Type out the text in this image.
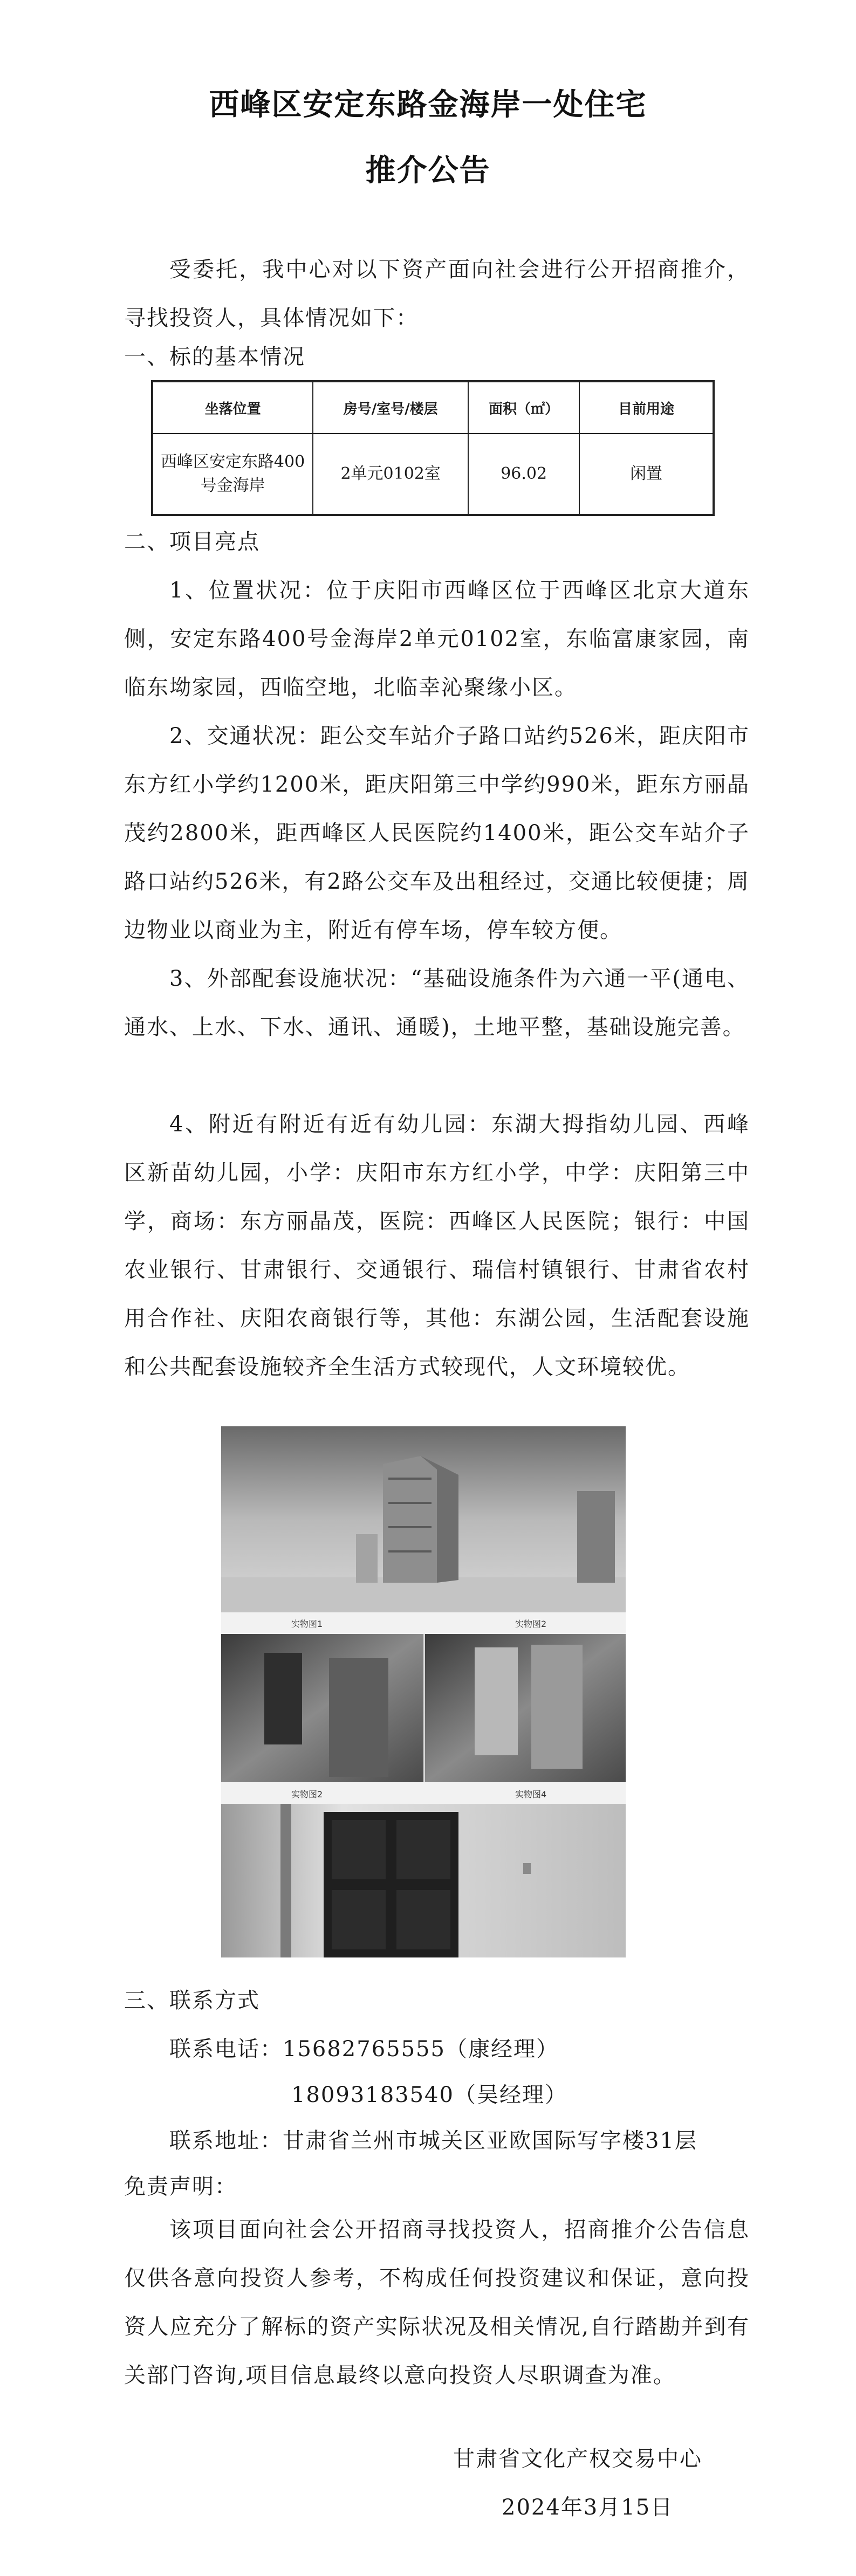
西峰区安定东路金海岸一处住宅
推介公告
受委托，我中心对以下资产面向社会进行公开招商推介，寻找投资人，具体情况如下：
一、标的基本情况
坐落位置	房号/室号/楼层	面积（㎡）	目前用途
西峰区安定东路400号金海岸	2单元0102室	96.02	闲置
二、项目亮点
1、位置状况：位于庆阳市西峰区位于西峰区北京大道东侧，安定东路400号金海岸2单元0102室，东临富康家园，南临东坳家园，西临空地，北临幸沁聚缘小区。
2、交通状况：距公交车站介子路口站约526米，距庆阳市东方红小学约1200米，距庆阳第三中学约990米，距东方丽晶茂约2800米，距西峰区人民医院约1400米，距公交车站介子路口站约526米，有2路公交车及出租经过，交通比较便捷；周边物业以商业为主，附近有停车场，停车较方便。
3、外部配套设施状况：“基础设施条件为六通一平(通电、通水、上水、下水、通讯、通暖)，土地平整，基础设施完善。
4、附近有附近有近有幼儿园：东湖大拇指幼儿园、西峰区新苗幼儿园，小学：庆阳市东方红小学，中学：庆阳第三中学，商场：东方丽晶茂，医院：西峰区人民医院；银行：中国农业银行、甘肃银行、交通银行、瑞信村镇银行、甘肃省农村用合作社、庆阳农商银行等，其他：东湖公园，生活配套设施和公共配套设施较齐全生活方式较现代，人文环境较优。
实物图1	实物图2
实物图2	实物图4
三、联系方式
联系电话：15682765555（康经理）
18093183540（吴经理）
联系地址：甘肃省兰州市城关区亚欧国际写字楼31层
免责声明：
该项目面向社会公开招商寻找投资人，招商推介公告信息仅供各意向投资人参考，不构成任何投资建议和保证，意向投资人应充分了解标的资产实际状况及相关情况,自行踏勘并到有关部门咨询,项目信息最终以意向投资人尽职调查为准。
甘肃省文化产权交易中心
2024年3月15日
